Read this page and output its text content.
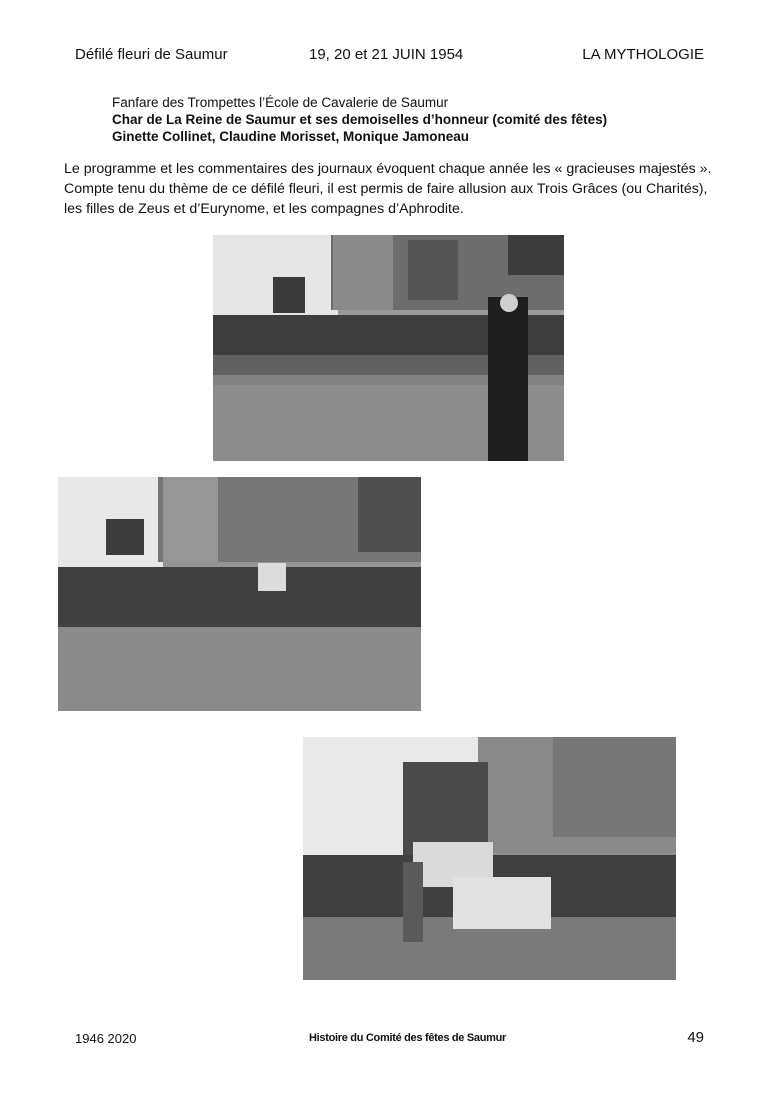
Défilé fleuri de Saumur	19, 20 et 21 JUIN 1954	LA MYTHOLOGIE
Fanfare des Trompettes l’École de Cavalerie de Saumur
Char de La Reine de Saumur et ses demoiselles d’honneur (comité des fêtes)
Ginette Collinet, Claudine Morisset, Monique Jamoneau

Le programme et les commentaires des journaux évoquent chaque année les « gracieuses majestés ». Compte tenu du thème de ce défilé fleuri, il est permis de faire allusion aux Trois Grâces (ou Charités), les filles de Zeus et d’Eurynome, et les compagnes d’Aphrodite.

1946 2020	Histoire du Comité des fêtes de Saumur	49
